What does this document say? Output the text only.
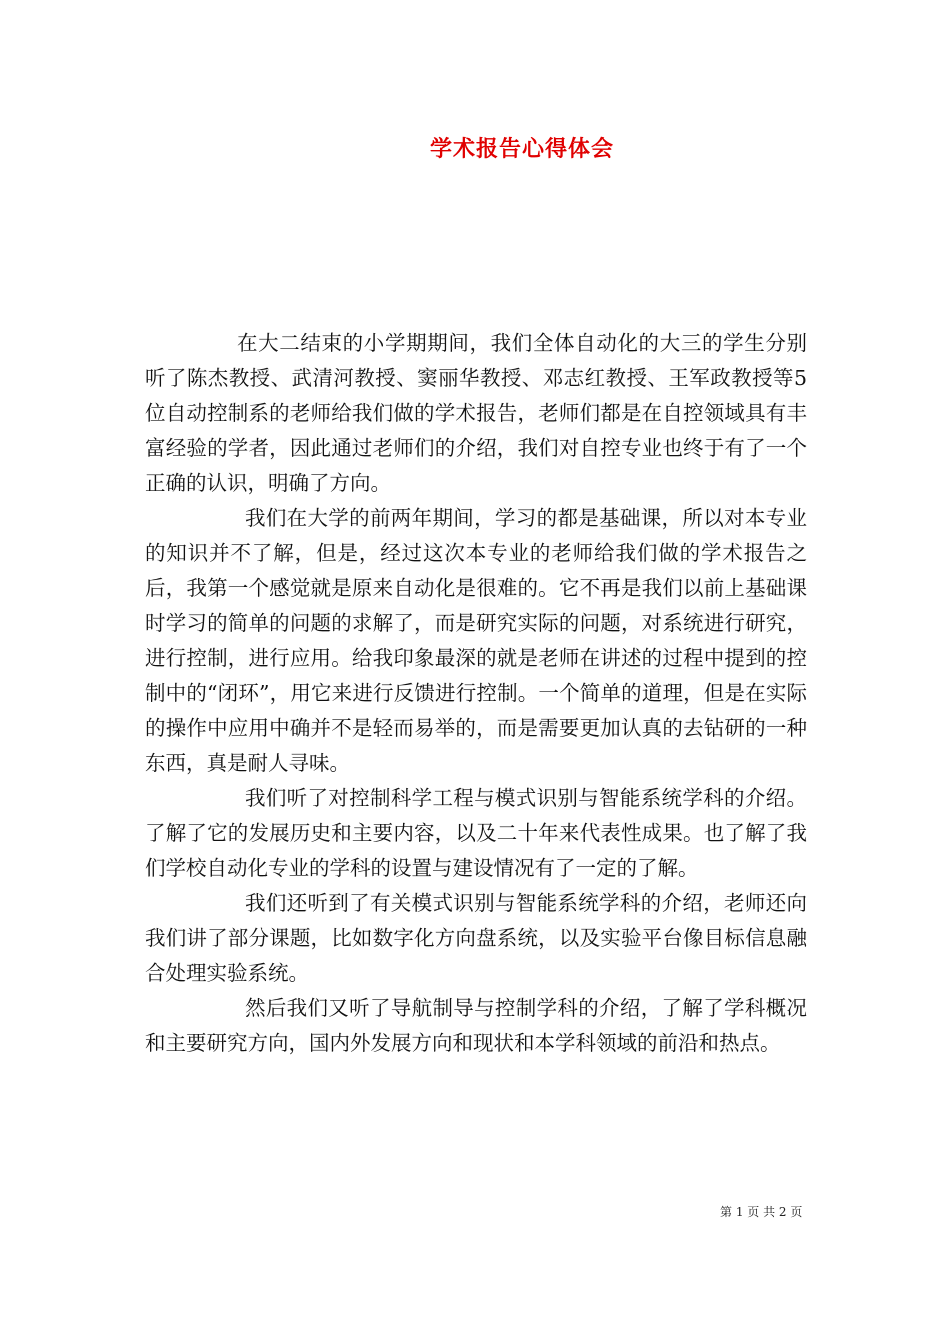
学术报告心得体会

在大二结束的小学期期间，我们全体自动化的大三的学生分别听了陈杰教授、武清河教授、窦丽华教授、邓志红教授、王军政教授等5位自动控制系的老师给我们做的学术报告，老师们都是在自控领域具有丰富经验的学者，因此通过老师们的介绍，我们对自控专业也终于有了一个正确的认识，明确了方向。

我们在大学的前两年期间，学习的都是基础课，所以对本专业的知识并不了解，但是，经过这次本专业的老师给我们做的学术报告之后，我第一个感觉就是原来自动化是很难的。它不再是我们以前上基础课时学习的简单的问题的求解了，而是研究实际的问题，对系统进行研究，进行控制，进行应用。给我印象最深的就是老师在讲述的过程中提到的控制中的“闭环”，用它来进行反馈进行控制。一个简单的道理，但是在实际的操作中应用中确并不是轻而易举的，而是需要更加认真的去钻研的一种东西，真是耐人寻味。

我们听了对控制科学工程与模式识别与智能系统学科的介绍。了解了它的发展历史和主要内容，以及二十年来代表性成果。也了解了我们学校自动化专业的学科的设置与建设情况有了一定的了解。

我们还听到了有关模式识别与智能系统学科的介绍，老师还向我们讲了部分课题，比如数字化方向盘系统，以及实验平台像目标信息融合处理实验系统。

然后我们又听了导航制导与控制学科的介绍，了解了学科概况和主要研究方向，国内外发展方向和现状和本学科领域的前沿和热点。

第 1 页 共 2 页
